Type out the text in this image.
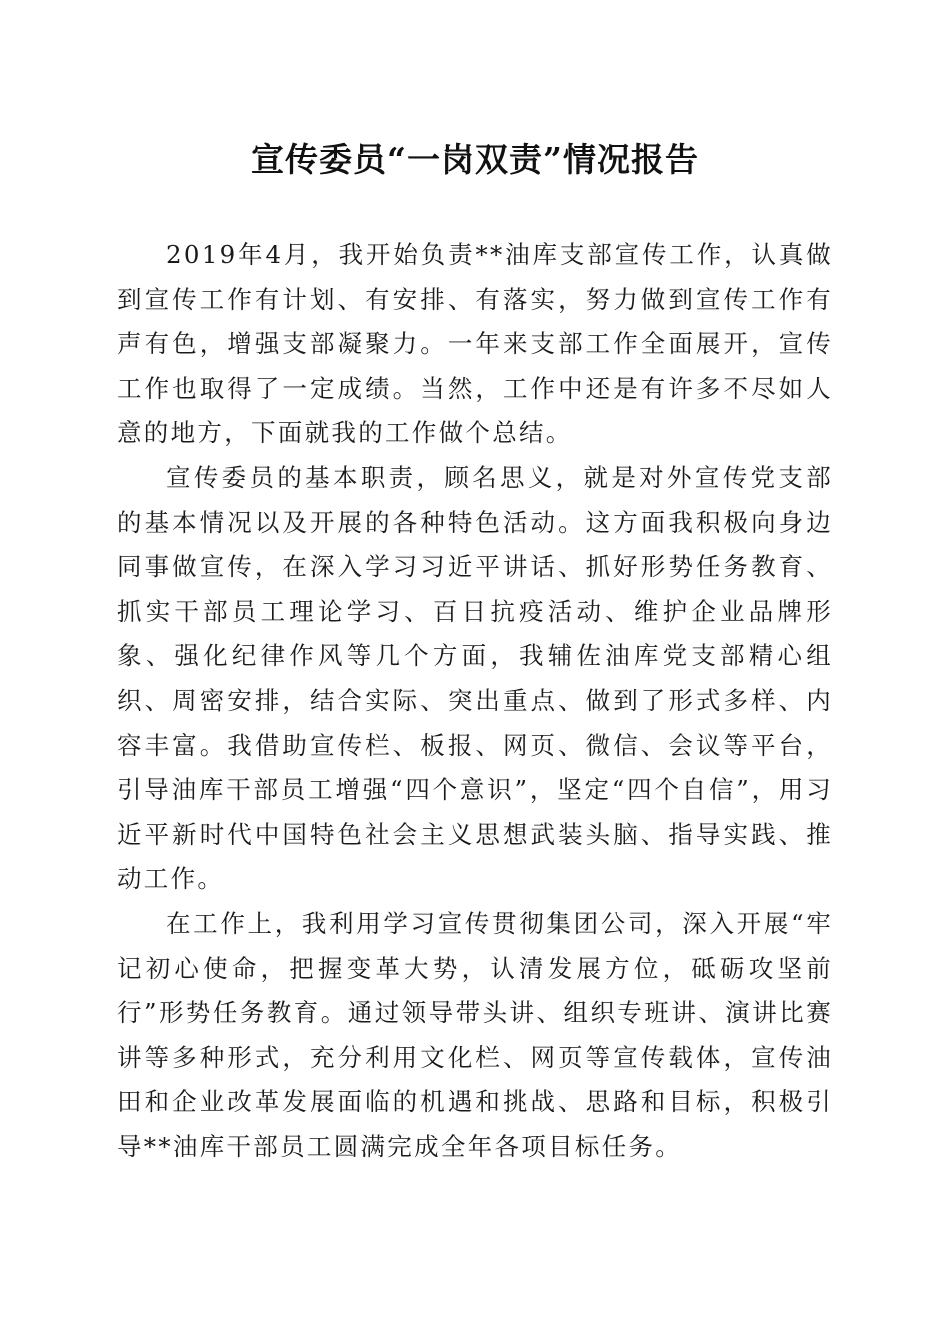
宣传委员“一岗双责”情况报告

2019年4月，我开始负责**油库支部宣传工作，认真做到宣传工作有计划、有安排、有落实，努力做到宣传工作有声有色，增强支部凝聚力。一年来支部工作全面展开，宣传工作也取得了一定成绩。当然，工作中还是有许多不尽如人意的地方，下面就我的工作做个总结。

宣传委员的基本职责，顾名思义，就是对外宣传党支部的基本情况以及开展的各种特色活动。这方面我积极向身边同事做宣传，在深入学习习近平讲话、抓好形势任务教育、抓实干部员工理论学习、百日抗疫活动、维护企业品牌形象、强化纪律作风等几个方面，我辅佐油库党支部精心组织、周密安排，结合实际、突出重点、做到了形式多样、内容丰富。我借助宣传栏、板报、网页、微信、会议等平台，引导油库干部员工增强“四个意识”，坚定“四个自信”，用习近平新时代中国特色社会主义思想武装头脑、指导实践、推动工作。

在工作上，我利用学习宣传贯彻集团公司，深入开展“牢记初心使命，把握变革大势，认清发展方位，砥砺攻坚前行”形势任务教育。通过领导带头讲、组织专班讲、演讲比赛讲等多种形式，充分利用文化栏、网页等宣传载体，宣传油田和企业改革发展面临的机遇和挑战、思路和目标，积极引导**油库干部员工圆满完成全年各项目标任务。
